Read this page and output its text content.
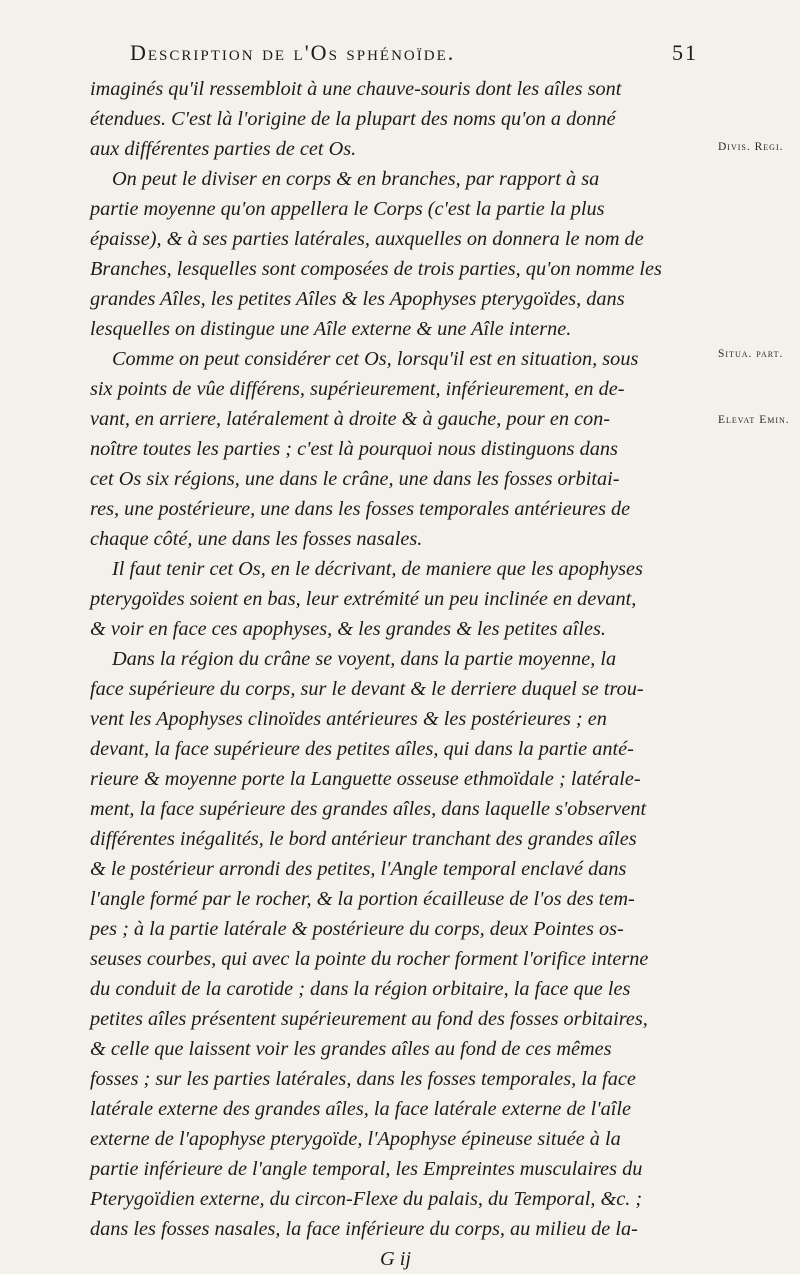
Description de l'Os sphénoïde.	51
Divis. Regi.
Situa. part.
Elevat Emin.
imaginés qu'il ressembloit à une chauve-souris dont les aîles sont
étendues. C'est là l'origine de la plupart des noms qu'on a donné
aux différentes parties de cet Os.
On peut le diviser en corps & en branches, par rapport à sa
partie moyenne qu'on appellera le Corps (c'est la partie la plus
épaisse), & à ses parties latérales, auxquelles on donnera le nom de
Branches, lesquelles sont composées de trois parties, qu'on nomme les
grandes Aîles, les petites Aîles & les Apophyses pterygoïdes, dans
lesquelles on distingue une Aîle externe & une Aîle interne.
Comme on peut considérer cet Os, lorsqu'il est en situation, sous
six points de vûe différens, supérieurement, inférieurement, en de-
vant, en arriere, latéralement à droite & à gauche, pour en con-
noître toutes les parties ; c'est là pourquoi nous distinguons dans
cet Os six régions, une dans le crâne, une dans les fosses orbitai-
res, une postérieure, une dans les fosses temporales antérieures de
chaque côté, une dans les fosses nasales.
Il faut tenir cet Os, en le décrivant, de maniere que les apophyses
pterygoïdes soient en bas, leur extrémité un peu inclinée en devant,
& voir en face ces apophyses, & les grandes & les petites aîles.
Dans la région du crâne se voyent, dans la partie moyenne, la
face supérieure du corps, sur le devant & le derriere duquel se trou-
vent les Apophyses clinoïdes antérieures & les postérieures ; en
devant, la face supérieure des petites aîles, qui dans la partie anté-
rieure & moyenne porte la Languette osseuse ethmoïdale ; latérale-
ment, la face supérieure des grandes aîles, dans laquelle s'observent
différentes inégalités, le bord antérieur tranchant des grandes aîles
& le postérieur arrondi des petites, l'Angle temporal enclavé dans
l'angle formé par le rocher, & la portion écailleuse de l'os des tem-
pes ; à la partie latérale & postérieure du corps, deux Pointes os-
seuses courbes, qui avec la pointe du rocher forment l'orifice interne
du conduit de la carotide ; dans la région orbitaire, la face que les
petites aîles présentent supérieurement au fond des fosses orbitaires,
& celle que laissent voir les grandes aîles au fond de ces mêmes
fosses ; sur les parties latérales, dans les fosses temporales, la face
latérale externe des grandes aîles, la face latérale externe de l'aîle
externe de l'apophyse pterygoïde, l'Apophyse épineuse située à la
partie inférieure de l'angle temporal, les Empreintes musculaires du
Pterygoïdien externe, du circon-Flexe du palais, du Temporal, &c. ;
dans les fosses nasales, la face inférieure du corps, au milieu de la-
G ij
